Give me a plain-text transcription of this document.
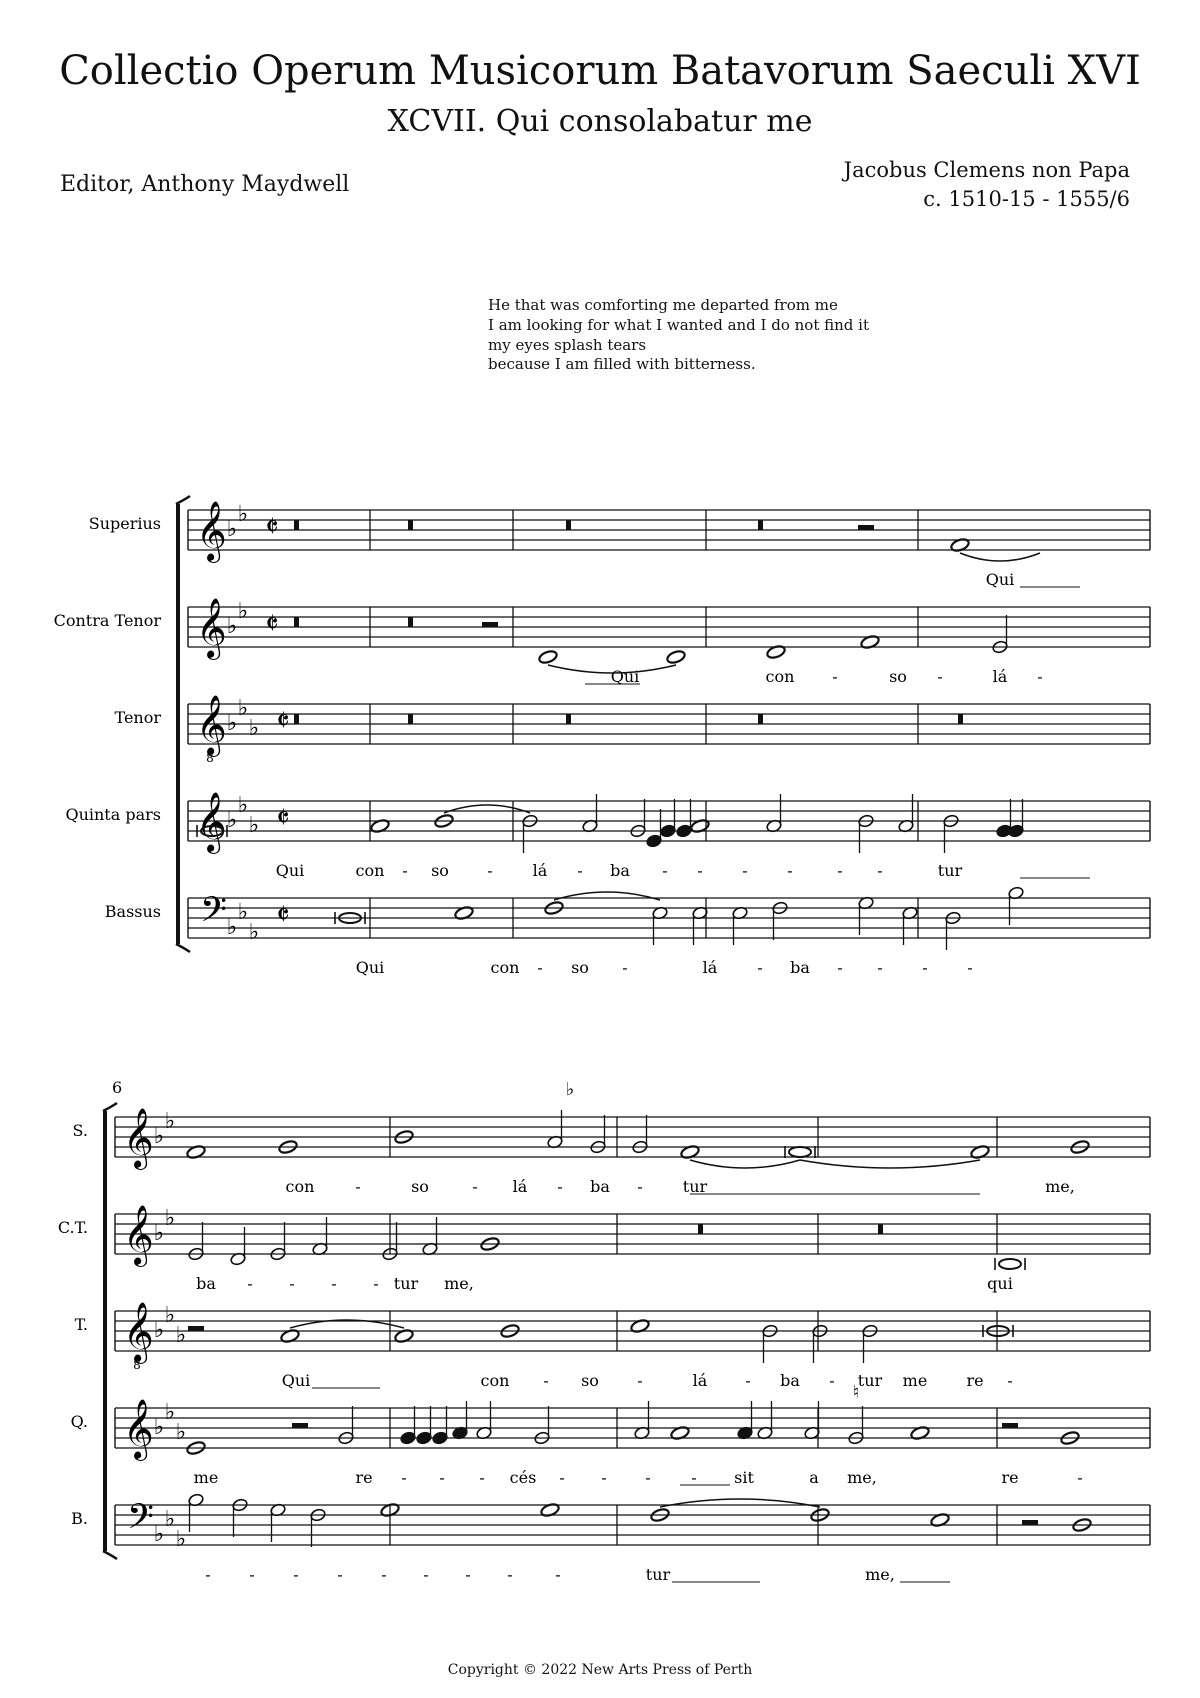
Collectio Operum Musicorum Batavorum Saeculi XVI
XCVII. Qui consolabatur me
Editor, Anthony Maydwell
Jacobus Clemens non Papa
c. 1510-15 - 1555/6
He that was comforting me departed from me
I am looking for what I wanted and I do not find it
my eyes splash tears
because I am filled with bitterness.
Superius
Contra Tenor
Tenor
Quinta pars
Bassus
6
S.
C.T.
T.
Q.
B.
𝄞 ♭
♭ 𝄵
Qui
𝄞 ♭
♭ 𝄵
Qui	con -	so -	lá -
𝄞
8
♭
♭
♭ 𝄵
𝄞 ♭
♭
♭ 𝄵
Qui	con - so - lá - ba - - - -	- -	tur
𝄢 ♭
♭
♭ 𝄵
Qui	con - so -	lá - ba - - - -
𝄞 ♭
♭
con	-	so	- lá - ba -	tur	me,
𝄞 ♭
♭
ba - - - - tur me,	qui
𝄞
8
♭
♭
♭
Qui	con - so -	lá - ba - tur me re -
𝄞 ♭
♭
♭
me	re - - - cés - - -	- sit	a me,	re	-
𝄢 ♭
♭
♭
- - - - - - - -	-	tur	me,
♭
♮
Copyright © 2022 New Arts Press of Perth
